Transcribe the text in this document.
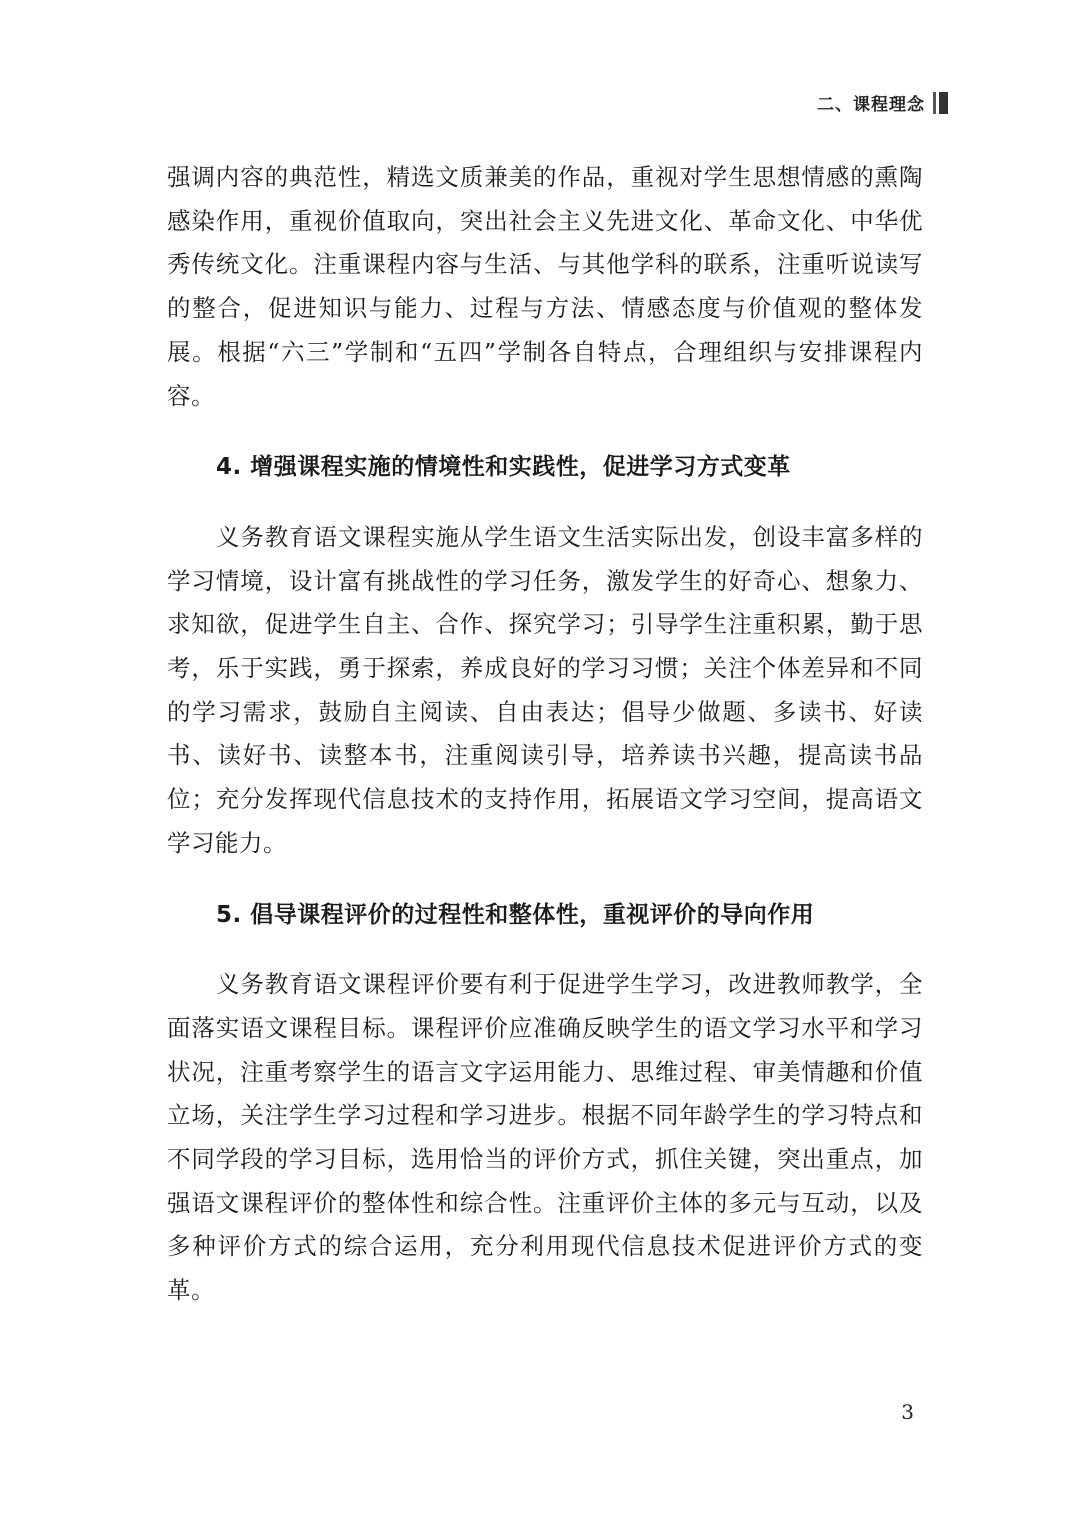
二、课程理念

强调内容的典范性，精选文质兼美的作品，重视对学生思想情感的熏陶感染作用，重视价值取向，突出社会主义先进文化、革命文化、中华优秀传统文化。注重课程内容与生活、与其他学科的联系，注重听说读写的整合，促进知识与能力、过程与方法、情感态度与价值观的整体发展。根据“六三”学制和“五四”学制各自特点，合理组织与安排课程内容。

4. 增强课程实施的情境性和实践性，促进学习方式变革

义务教育语文课程实施从学生语文生活实际出发，创设丰富多样的学习情境，设计富有挑战性的学习任务，激发学生的好奇心、想象力、求知欲，促进学生自主、合作、探究学习；引导学生注重积累，勤于思考，乐于实践，勇于探索，养成良好的学习习惯；关注个体差异和不同的学习需求，鼓励自主阅读、自由表达；倡导少做题、多读书、好读书、读好书、读整本书，注重阅读引导，培养读书兴趣，提高读书品位；充分发挥现代信息技术的支持作用，拓展语文学习空间，提高语文学习能力。

5. 倡导课程评价的过程性和整体性，重视评价的导向作用

义务教育语文课程评价要有利于促进学生学习，改进教师教学，全面落实语文课程目标。课程评价应准确反映学生的语文学习水平和学习状况，注重考察学生的语言文字运用能力、思维过程、审美情趣和价值立场，关注学生学习过程和学习进步。根据不同年龄学生的学习特点和不同学段的学习目标，选用恰当的评价方式，抓住关键，突出重点，加强语文课程评价的整体性和综合性。注重评价主体的多元与互动，以及多种评价方式的综合运用，充分利用现代信息技术促进评价方式的变革。

3
